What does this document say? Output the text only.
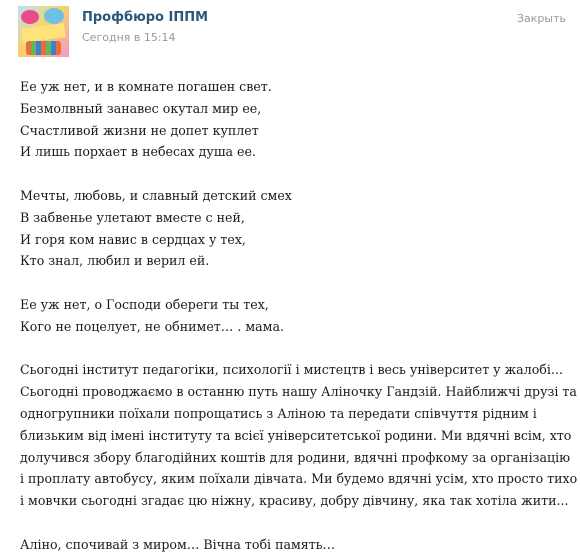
Профбюро ІППМ
Сегодня в 15:14
Закрыть
Ее уж нет, и в комнате погашен свет.
Безмолвный занавес окутал мир ее,
Счастливой жизни не допет куплет
И лишь порхает в небесах душа ее.
Мечты, любовь, и славный детский смех
В забвенье улетают вместе с ней,
И горя ком навис в сердцах у тех,
Кто знал, любил и верил ей.
Ее уж нет, о Господи обереги ты тех,
Кого не поцелует, не обнимет… . мама.
Сьогодні інститут педагогіки, психології і мистецтв і весь університет у жалобі...
Сьогодні проводжаємо в останню путь нашу Аліночку Гандзій. Найближчі друзі та
одногрупники поїхали попрощатись з Аліною та передати співчуття рідним і
близьким від імені інституту та всієї університетської родини. Ми вдячні всім, хто
долучився збору благодійних коштів для родини, вдячні профкому за організацію
і проплату автобусу, яким поїхали дівчата. Ми будемо вдячні усім, хто просто тихо
і мовчки сьогодні згадає цю ніжну, красиву, добру дівчину, яка так хотіла жити...
Аліно, спочивай з миром… Вічна тобі память…
